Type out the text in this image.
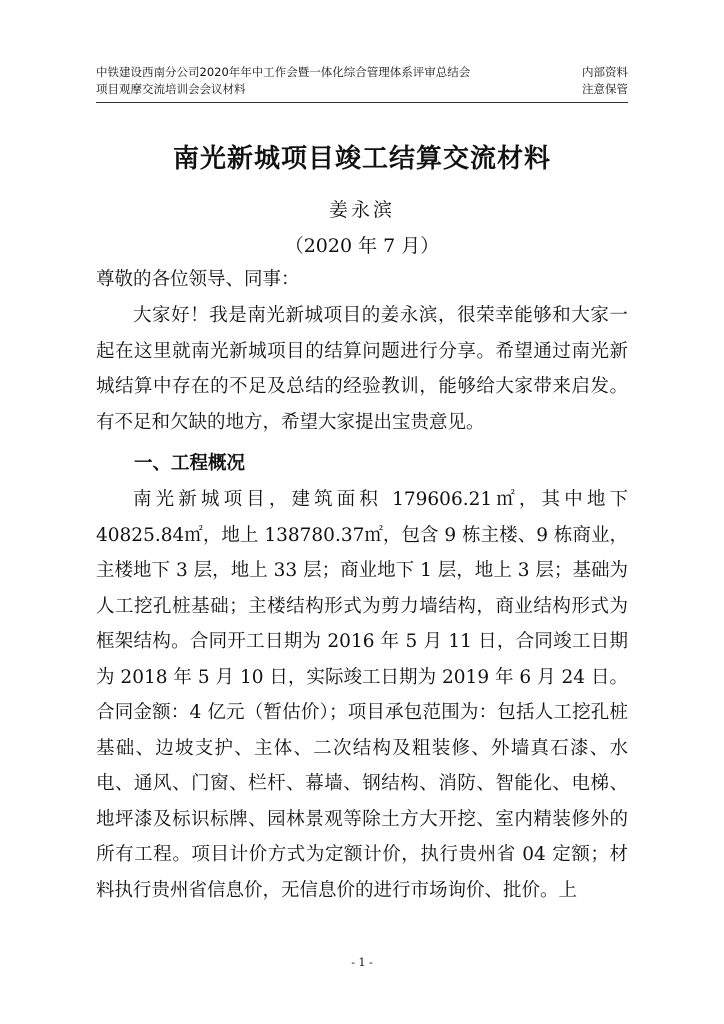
中铁建设西南分公司2020年年中工作会暨一体化综合管理体系评审总结会
项目观摩交流培训会会议材料
内部资料
注意保管
南光新城项目竣工结算交流材料
姜永滨
（2020 年 7 月）
尊敬的各位领导、同事：
大家好！我是南光新城项目的姜永滨，很荣幸能够和大家一起在这里就南光新城项目的结算问题进行分享。希望通过南光新城结算中存在的不足及总结的经验教训，能够给大家带来启发。有不足和欠缺的地方，希望大家提出宝贵意见。
一、工程概况
南光新城项目，建筑面积 179606.21㎡，其中地下 40825.84㎡，地上 138780.37㎡，包含 9 栋主楼、9 栋商业，主楼地下 3 层，地上 33 层；商业地下 1 层，地上 3 层；基础为人工挖孔桩基础；主楼结构形式为剪力墙结构，商业结构形式为框架结构。合同开工日期为 2016 年 5 月 11 日，合同竣工日期为 2018 年 5 月 10 日，实际竣工日期为 2019 年 6 月 24 日。合同金额：4 亿元（暂估价）；项目承包范围为：包括人工挖孔桩基础、边坡支护、主体、二次结构及粗装修、外墙真石漆、水电、通风、门窗、栏杆、幕墙、钢结构、消防、智能化、电梯、地坪漆及标识标牌、园林景观等除土方大开挖、室内精装修外的所有工程。项目计价方式为定额计价，执行贵州省 04 定额；材料执行贵州省信息价，无信息价的进行市场询价、批价。上
- 1 -
